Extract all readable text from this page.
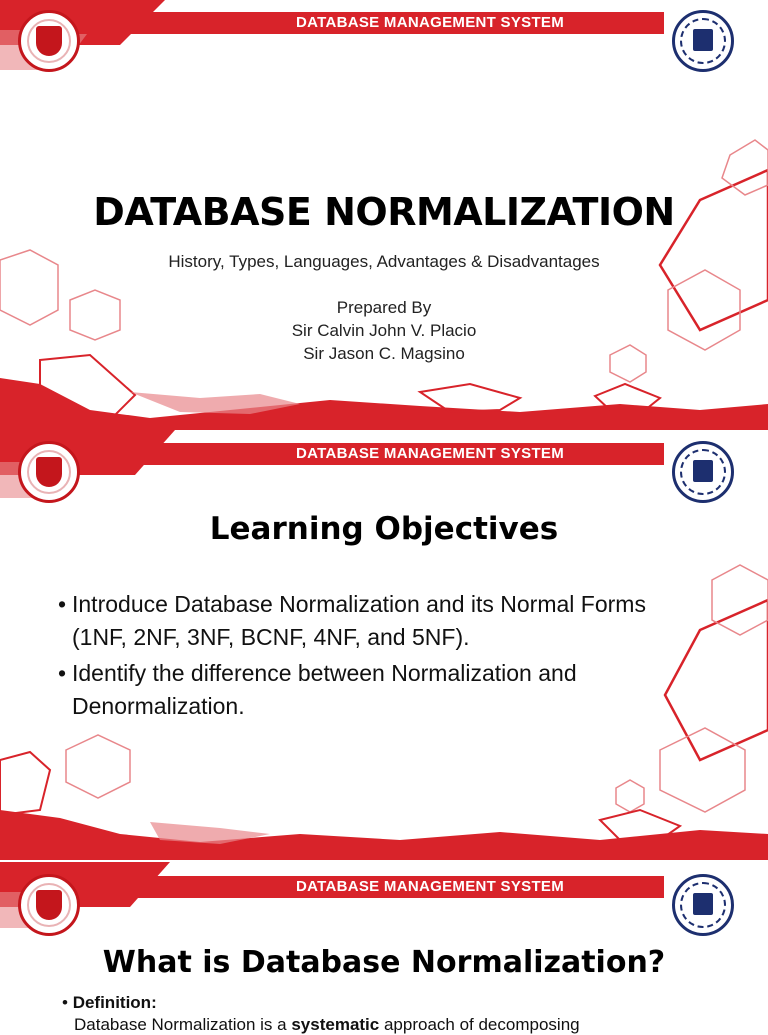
DATABASE MANAGEMENT SYSTEM
DATABASE NORMALIZATION
History, Types, Languages, Advantages & Disadvantages
Prepared By
Sir Calvin John V. Placio
Sir Jason C. Magsino
DATABASE MANAGEMENT SYSTEM
Learning Objectives
• Introduce Database Normalization and its Normal Forms (1NF, 2NF, 3NF, BCNF, 4NF, and 5NF).
• Identify the difference between Normalization and Denormalization.
DATABASE MANAGEMENT SYSTEM
What is Database Normalization?
• Definition:
Database Normalization is a systematic approach of decomposing
